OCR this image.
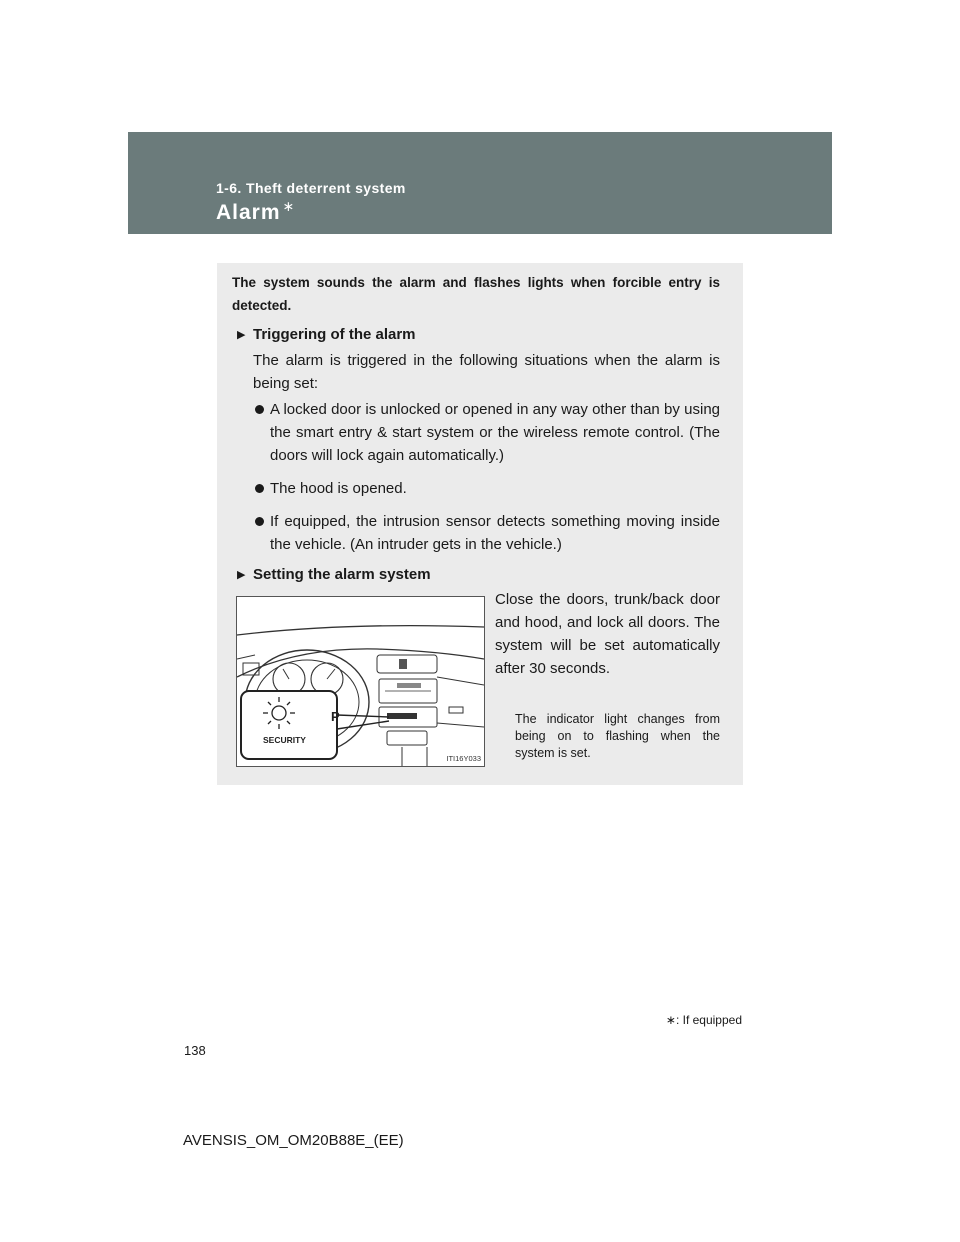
1-6. Theft deterrent system
Alarm ∗
The system sounds the alarm and flashes lights when forcible entry is detected.
▶ Triggering of the alarm
The alarm is triggered in the following situations when the alarm is being set:
A locked door is unlocked or opened in any way other than by using the smart entry & start system or the wireless remote control. (The doors will lock again automatically.)
The hood is opened.
If equipped, the intrusion sensor detects something moving inside the vehicle. (An intruder gets in the vehicle.)
▶ Setting the alarm system
P
SECURITY
ITI16Y033
Close the doors, trunk/back door and hood, and lock all doors. The system will be set automatically after 30 seconds.
The indicator light changes from being on to flashing when the system is set.
∗: If equipped
138
AVENSIS_OM_OM20B88E_(EE)
